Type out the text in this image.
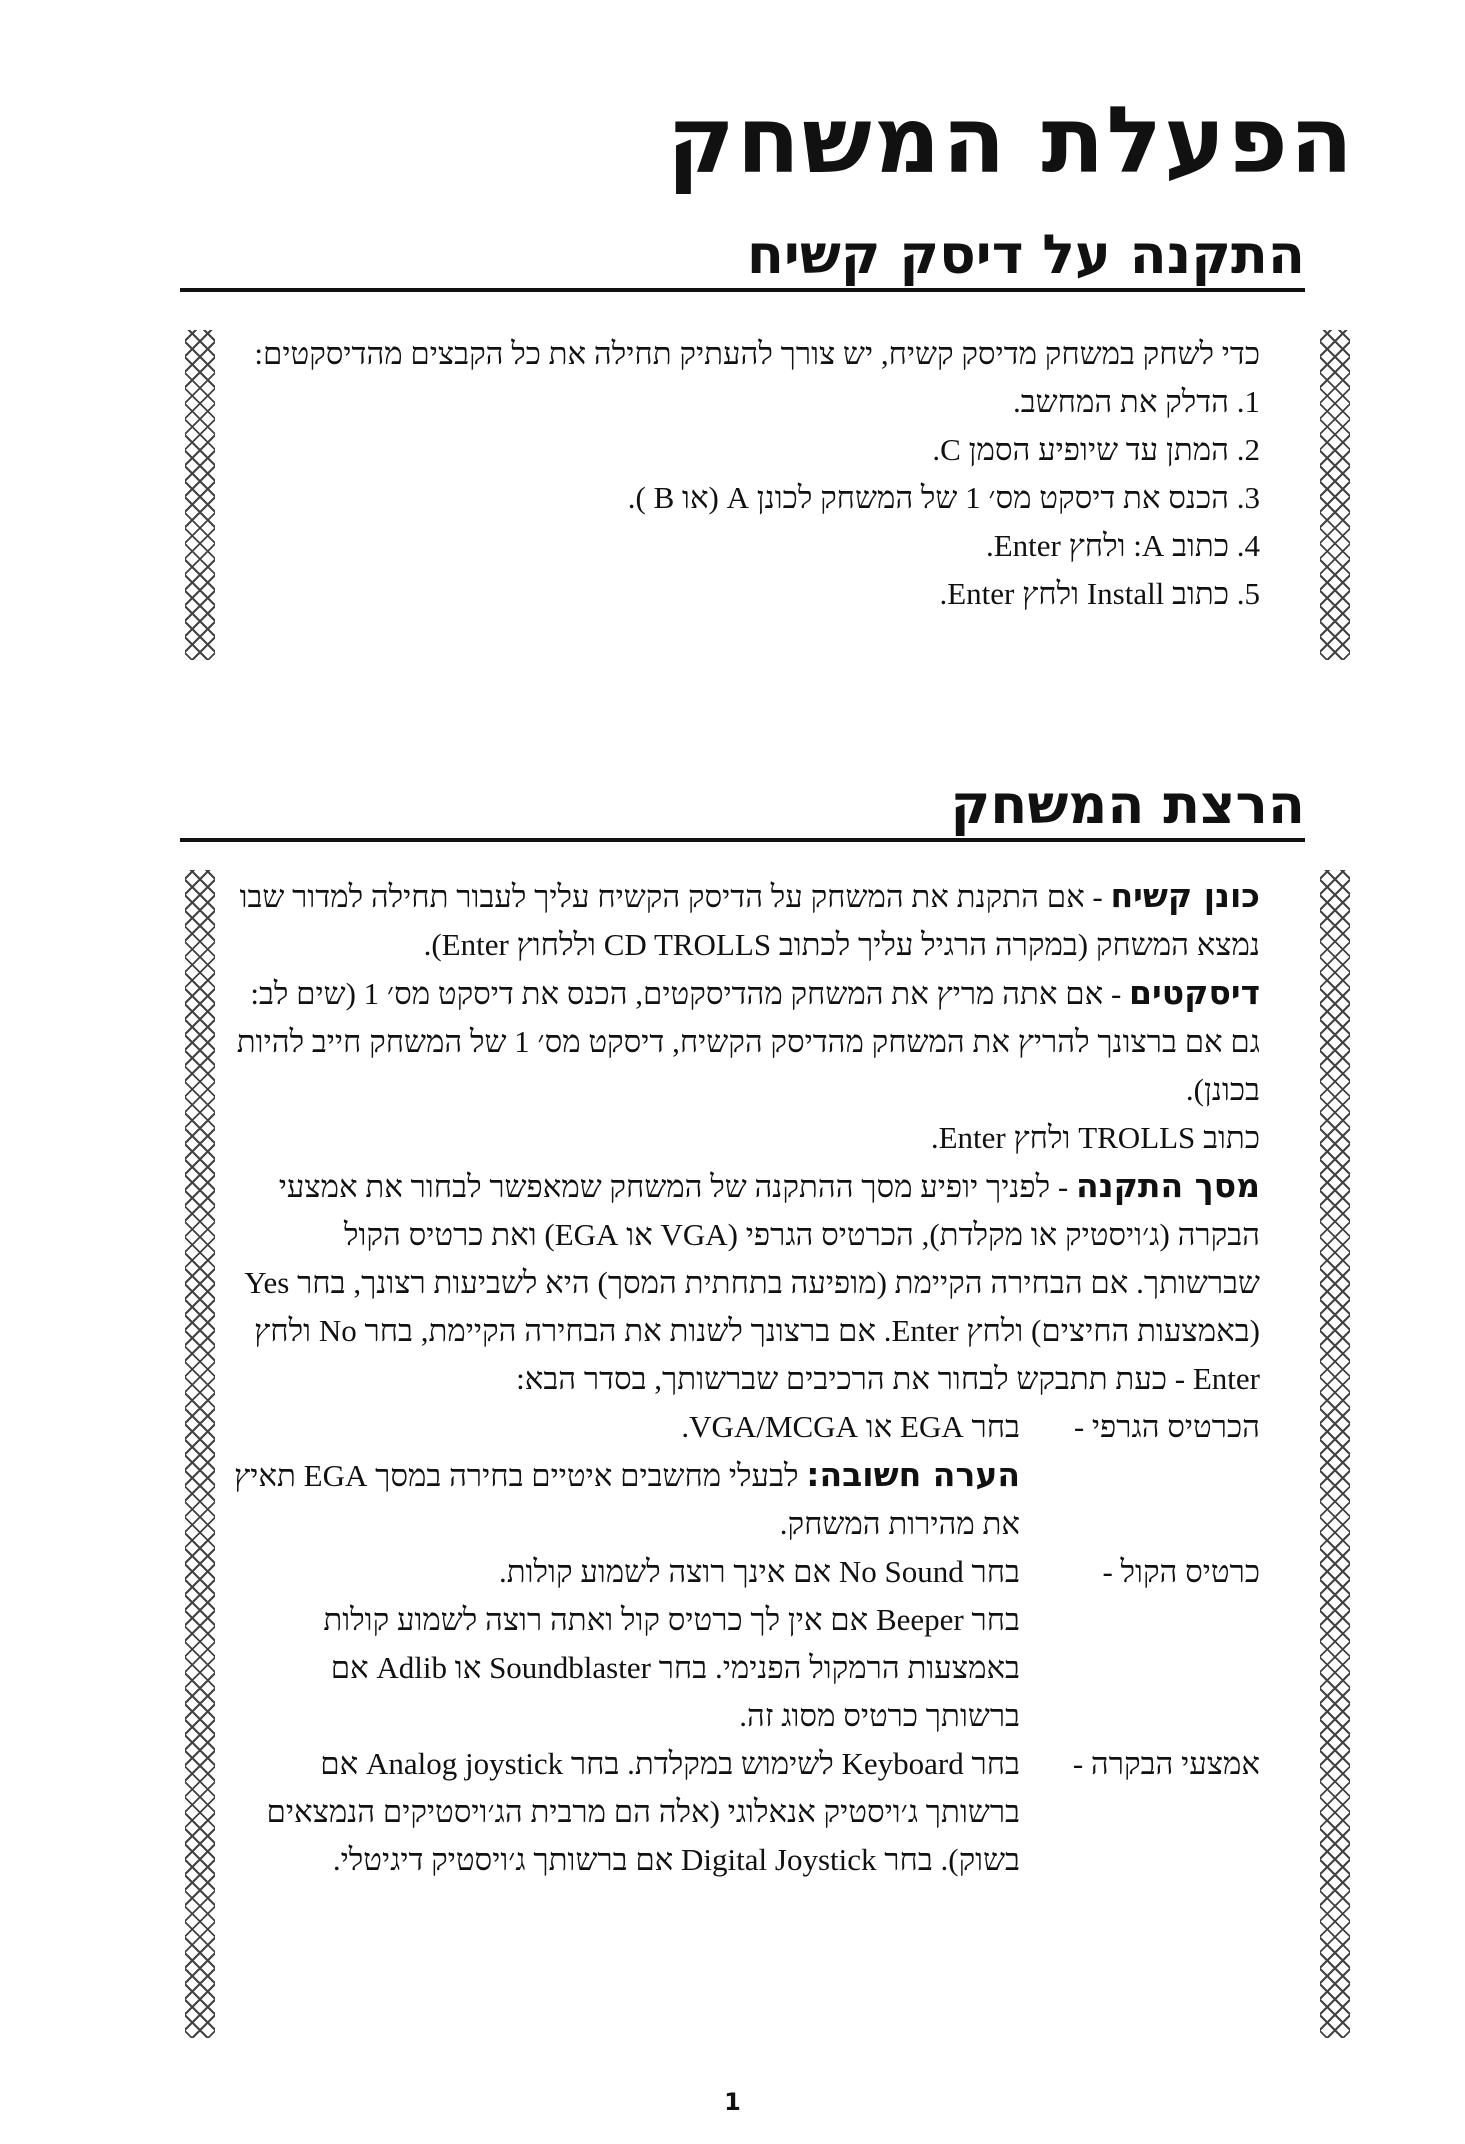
הפעלת המשחק
התקנה על דיסק קשיח

כדי לשחק במשחק מדיסק קשיח, יש צורך להעתיק תחילה את כל הקבצים מהדיסקטים:

1. הדלק את המחשב.
2. המתן עד שיופיע הסמן C.
3. הכנס את דיסקט מס׳ 1 של המשחק לכונן A (או B ).
4. כתוב A: ולחץ Enter.
5. כתוב Install ולחץ Enter.
הרצת המשחק

כונן קשיח - אם התקנת את המשחק על הדיסק הקשיח עליך לעבור תחילה למדור שבו נמצא המשחק (במקרה הרגיל עליך לכתוב CD TROLLS וללחוץ Enter).

דיסקטים - אם אתה מריץ את המשחק מהדיסקטים, הכנס את דיסקט מס׳ 1 (שים לב: גם אם ברצונך להריץ את המשחק מהדיסק הקשיח, דיסקט מס׳ 1 של המשחק חייב להיות בכונן).

כתוב TROLLS ולחץ Enter.

מסך התקנה - לפניך יופיע מסך ההתקנה של המשחק שמאפשר לבחור את אמצעי הבקרה (ג׳ויסטיק או מקלדת), הכרטיס הגרפי (VGA או EGA) ואת כרטיס הקול שברשותך. אם הבחירה הקיימת (מופיעה בתחתית המסך) היא לשביעות רצונך, בחר Yes (באמצעות החיצים) ולחץ Enter. אם ברצונך לשנות את הבחירה הקיימת, בחר No ולחץ Enter - כעת תתבקש לבחור את הרכיבים שברשותך, בסדר הבא:

הכרטיס הגרפי -	בחר EGA או VGA/MCGA.
הערה חשובה: לבעלי מחשבים איטיים בחירה במסך EGA תאיץ את מהירות המשחק.

כרטיס הקול -	בחר No Sound אם אינך רוצה לשמוע קולות.
בחר Beeper אם אין לך כרטיס קול ואתה רוצה לשמוע קולות באמצעות הרמקול הפנימי. בחר Soundblaster או Adlib אם ברשותך כרטיס מסוג זה.

אמצעי הבקרה -	בחר Keyboard לשימוש במקלדת. בחר Analog joystick אם ברשותך ג׳ויסטיק אנאלוגי (אלה הם מרבית הג׳ויסטיקים הנמצאים בשוק). בחר Digital Joystick אם ברשותך ג׳ויסטיק דיגיטלי.
1
